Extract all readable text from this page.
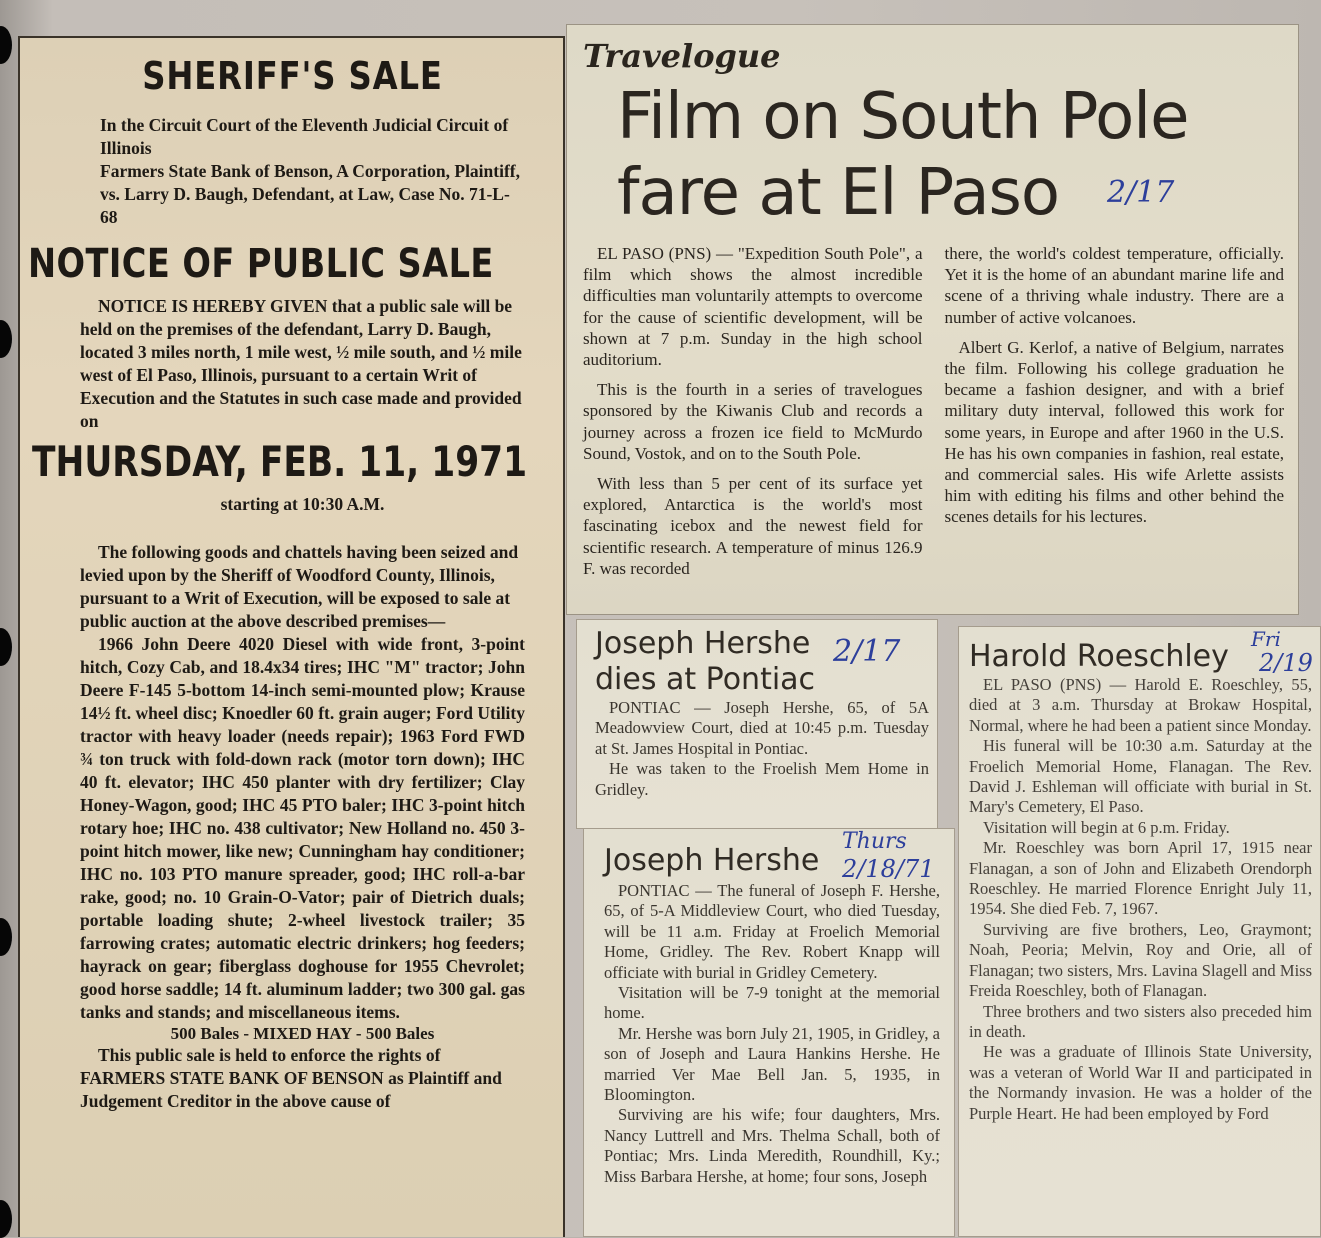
SHERIFF'S SALE

In the Circuit Court of the Eleventh Judicial Circuit of Illinois

Farmers State Bank of Benson, A Corporation, Plaintiff, vs. Larry D. Baugh, Defendant, at Law, Case No. 71-L-68

NOTICE OF PUBLIC SALE

NOTICE IS HEREBY GIVEN that a public sale will be held on the premises of the defendant, Larry D. Baugh, located 3 miles north, 1 mile west, ½ mile south, and ½ mile west of El Paso, Illinois, pursuant to a certain Writ of Execution and the Statutes in such case made and provided on

THURSDAY, FEB. 11, 1971
starting at 10:30 A.M.

The following goods and chattels having been seized and levied upon by the Sheriff of Woodford County, Illinois, pursuant to a Writ of Execution, will be exposed to sale at public auction at the above described premises—

1966 John Deere 4020 Diesel with wide front, 3-point hitch, Cozy Cab, and 18.4x34 tires; IHC "M" tractor; John Deere F-145 5-bottom 14-inch semi-mounted plow; Krause 14½ ft. wheel disc; Knoedler 60 ft. grain auger; Ford Utility tractor with heavy loader (needs repair); 1963 Ford FWD ¾ ton truck with fold-down rack (motor torn down); IHC 40 ft. elevator; IHC 450 planter with dry fertilizer; Clay Honey-Wagon, good; IHC 45 PTO baler; IHC 3-point hitch rotary hoe; IHC no. 438 cultivator; New Holland no. 450 3-point hitch mower, like new; Cunningham hay conditioner; IHC no. 103 PTO manure spreader, good; IHC roll-a-bar rake, good; no. 10 Grain-O-Vator; pair of Dietrich duals; portable loading shute; 2-wheel livestock trailer; 35 farrowing crates; automatic electric drinkers; hog feeders; hayrack on gear; fiberglass doghouse for 1955 Chevrolet; good horse saddle; 14 ft. aluminum ladder; two 300 gal. gas tanks and stands; and miscellaneous items.

500 Bales - MIXED HAY - 500 Bales

This public sale is held to enforce the rights of FARMERS STATE BANK OF BENSON as Plaintiff and Judgement Creditor in the above cause of

Travelogue
Film on South Pole
fare at El Paso	2/17

EL PASO (PNS) — "Expedition South Pole", a film which shows the almost incredible difficulties man voluntarily attempts to overcome for the cause of scientific development, will be shown at 7 p.m. Sunday in the high school auditorium.

This is the fourth in a series of travelogues sponsored by the Kiwanis Club and records a journey across a frozen ice field to McMurdo Sound, Vostok, and on to the South Pole.

With less than 5 per cent of its surface yet explored, Antarctica is the world's most fascinating icebox and the newest field for scientific research. A temperature of minus 126.9 F. was recorded

there, the world's coldest temperature, officially. Yet it is the home of an abundant marine life and scene of a thriving whale industry. There are a number of active volcanoes.

Albert G. Kerlof, a native of Belgium, narrates the film. Following his college graduation he became a fashion designer, and with a brief military duty interval, followed this work for some years, in Europe and after 1960 in the U.S. He has his own companies in fashion, real estate, and commercial sales. His wife Arlette assists him with editing his films and other behind the scenes details for his lectures.

Joseph Hershe
dies at Pontiac
2/17

PONTIAC — Joseph Hershe, 65, of 5A Meadowview Court, died at 10:45 p.m. Tuesday at St. James Hospital in Pontiac.

He was taken to the Froelish Mem Home in Gridley.

Joseph Hershe
Thurs
2/18/71

PONTIAC — The funeral of Joseph F. Hershe, 65, of 5-A Middleview Court, who died Tuesday, will be 11 a.m. Friday at Froelich Memorial Home, Gridley. The Rev. Robert Knapp will officiate with burial in Gridley Cemetery.

Visitation will be 7-9 tonight at the memorial home.

Mr. Hershe was born July 21, 1905, in Gridley, a son of Joseph and Laura Hankins Hershe. He married Ver Mae Bell Jan. 5, 1935, in Bloomington.

Surviving are his wife; four daughters, Mrs. Nancy Luttrell and Mrs. Thelma Schall, both of Pontiac; Mrs. Linda Meredith, Roundhill, Ky.; Miss Barbara Hershe, at home; four sons, Joseph

Harold Roeschley	Fri
2/19

EL PASO (PNS) — Harold E. Roeschley, 55, died at 3 a.m. Thursday at Brokaw Hospital, Normal, where he had been a patient since Monday.

His funeral will be 10:30 a.m. Saturday at the Froelich Memorial Home, Flanagan. The Rev. David J. Eshleman will officiate with burial in St. Mary's Cemetery, El Paso.

Visitation will begin at 6 p.m. Friday.

Mr. Roeschley was born April 17, 1915 near Flanagan, a son of John and Elizabeth Orendorph Roeschley. He married Florence Enright July 11, 1954. She died Feb. 7, 1967.

Surviving are five brothers, Leo, Graymont; Noah, Peoria; Melvin, Roy and Orie, all of Flanagan; two sisters, Mrs. Lavina Slagell and Miss Freida Roeschley, both of Flanagan.

Three brothers and two sisters also preceded him in death.

He was a graduate of Illinois State University, was a veteran of World War II and participated in the Normandy invasion. He was a holder of the Purple Heart. He had been employed by Ford
